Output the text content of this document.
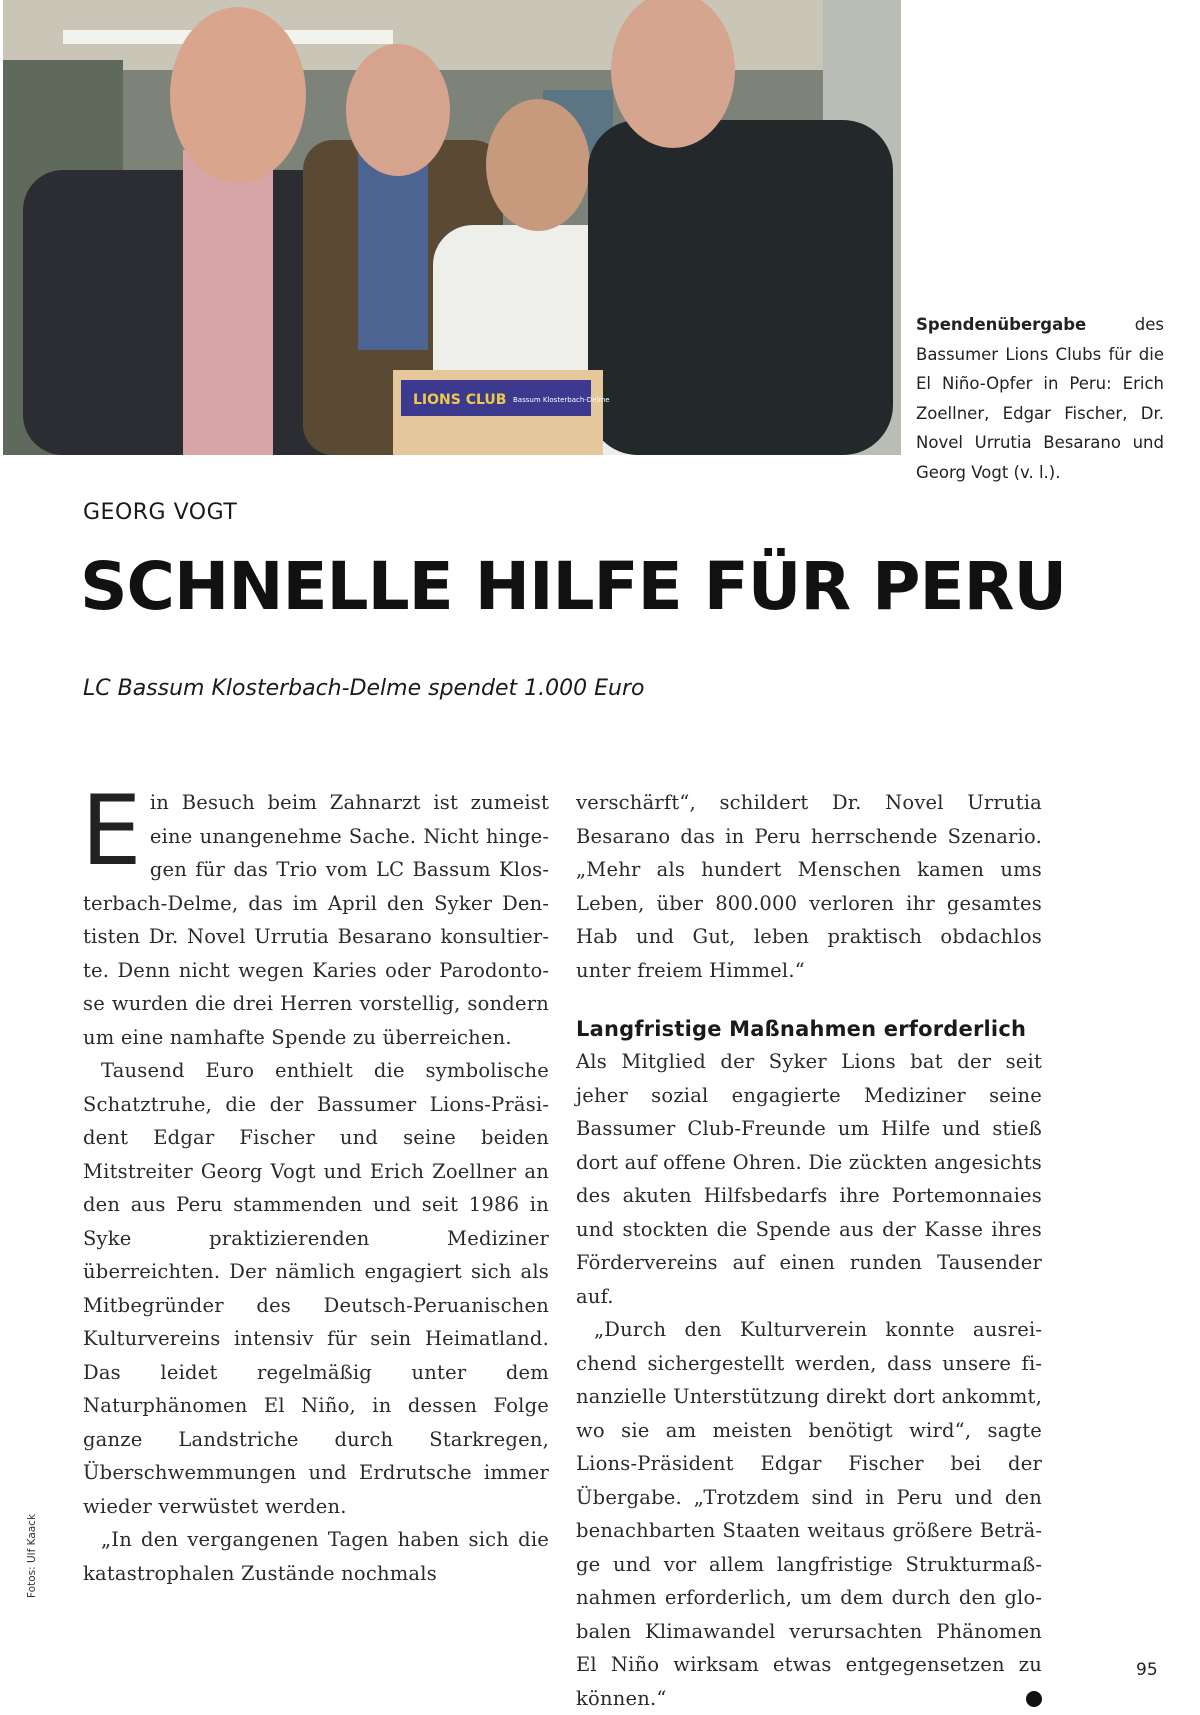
LIONS CLUB Bassum Klosterbach-Delme
Spendenübergabe des Bassumer Lions Clubs für die El Niño-Opfer in Peru: Erich Zoellner, Edgar Fischer, Dr. Novel Urrutia Besarano und Georg Vogt (v. l.).
GEORG VOGT
SCHNELLE HILFE FÜR PERU
LC Bassum Klosterbach-Delme spendet 1.000 Euro

Ein Besuch beim Zahnarzt ist zumeist eine unangenehme Sache. Nicht hingegen für das Trio vom LC Bassum Klosterbach-Delme, das im April den Syker Dentisten Dr. Novel Urrutia Besarano konsultierte. Denn nicht wegen Karies oder Parodontose wurden die drei Herren vorstellig, sondern um eine namhafte Spende zu überreichen.

Tausend Euro enthielt die symbolische Schatztruhe, die der Bassumer Lions-Präsident Edgar Fischer und seine beiden Mitstreiter Georg Vogt und Erich Zoellner an den aus Peru stammenden und seit 1986 in Syke praktizierenden Mediziner überreichten. Der nämlich engagiert sich als Mitbegründer des Deutsch-Peruanischen Kulturvereins intensiv für sein Heimatland. Das leidet regelmäßig unter dem Naturphänomen El Niño, in dessen Folge ganze Landstriche durch Starkregen, Überschwemmungen und Erdrutsche immer wieder verwüstet werden.

„In den vergangenen Tagen haben sich die katastrophalen Zustände nochmals

verschärft“, schildert Dr. Novel Urrutia Besarano das in Peru herrschende Szenario. „Mehr als hundert Menschen kamen ums Leben, über 800.000 verloren ihr gesamtes Hab und Gut, leben praktisch obdachlos unter freiem Himmel.“

Langfristige Maßnahmen erforderlich

Als Mitglied der Syker Lions bat der seit jeher sozial engagierte Mediziner seine Bassumer Club-Freunde um Hilfe und stieß dort auf offene Ohren. Die zückten angesichts des akuten Hilfsbedarfs ihre Portemonnaies und stockten die Spende aus der Kasse ihres Fördervereins auf einen runden Tausender auf.

„Durch den Kulturverein konnte ausreichend sichergestellt werden, dass unsere finanzielle Unterstützung direkt dort ankommt, wo sie am meisten benötigt wird“, sagte Lions-Präsident Edgar Fischer bei der Übergabe. „Trotzdem sind in Peru und den benachbarten Staaten weitaus größere Beträge und vor allem langfristige Strukturmaßnahmen erforderlich, um dem durch den globalen Klimawandel verursachten Phänomen El Niño wirksam etwas entgegensetzen zu können.“	L

Fotos: Ulf Kaack
95
